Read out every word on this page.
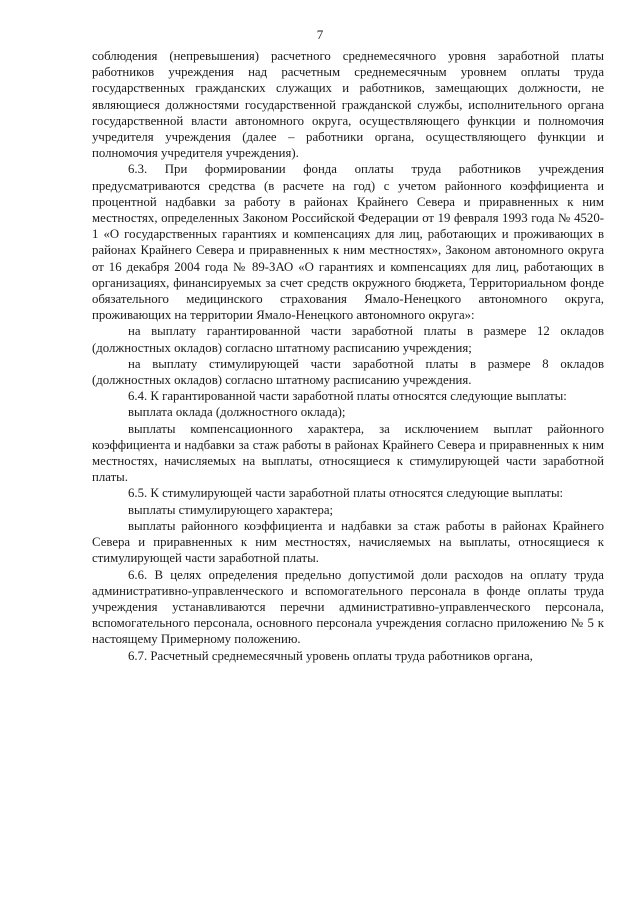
7

соблюдения (непревышения) расчетного среднемесячного уровня заработной платы работников учреждения над расчетным среднемесячным уровнем оплаты труда государственных гражданских служащих и работников, замещающих должности, не являющиеся должностями государственной гражданской службы, исполнительного органа государственной власти автономного округа, осуществляющего функции и полномочия учредителя учреждения (далее – работники органа, осуществляющего функции и полномочия учредителя учреждения).

6.3. При формировании фонда оплаты труда работников учреждения предусматриваются средства (в расчете на год) с учетом районного коэффициента и процентной надбавки за работу в районах Крайнего Севера и приравненных к ним местностях, определенных Законом Российской Федерации от 19 февраля 1993 года № 4520-1 «О государственных гарантиях и компенсациях для лиц, работающих и проживающих в районах Крайнего Севера и приравненных к ним местностях», Законом автономного округа от 16 декабря 2004 года № 89-ЗАО «О гарантиях и компенсациях для лиц, работающих в организациях, финансируемых за счет средств окружного бюджета, Территориальном фонде обязательного медицинского страхования Ямало-Ненецкого автономного округа, проживающих на территории Ямало-Ненецкого автономного округа»:

на выплату гарантированной части заработной платы в размере 12 окладов (должностных окладов) согласно штатному расписанию учреждения;

на выплату стимулирующей части заработной платы в размере 8 окладов (должностных окладов) согласно штатному расписанию учреждения.

6.4. К гарантированной части заработной платы относятся следующие выплаты:

выплата оклада (должностного оклада);

выплаты компенсационного характера, за исключением выплат районного коэффициента и надбавки за стаж работы в районах Крайнего Севера и приравненных к ним местностях, начисляемых на выплаты, относящиеся к стимулирующей части заработной платы.

6.5. К стимулирующей части заработной платы относятся следующие выплаты:

выплаты стимулирующего характера;

выплаты районного коэффициента и надбавки за стаж работы в районах Крайнего Севера и приравненных к ним местностях, начисляемых на выплаты, относящиеся к стимулирующей части заработной платы.

6.6. В целях определения предельно допустимой доли расходов на оплату труда административно-управленческого и вспомогательного персонала в фонде оплаты труда учреждения устанавливаются перечни административно-управленческого персонала, вспомогательного персонала, основного персонала учреждения согласно приложению № 5 к настоящему Примерному положению.

6.7. Расчетный среднемесячный уровень оплаты труда работников органа,
